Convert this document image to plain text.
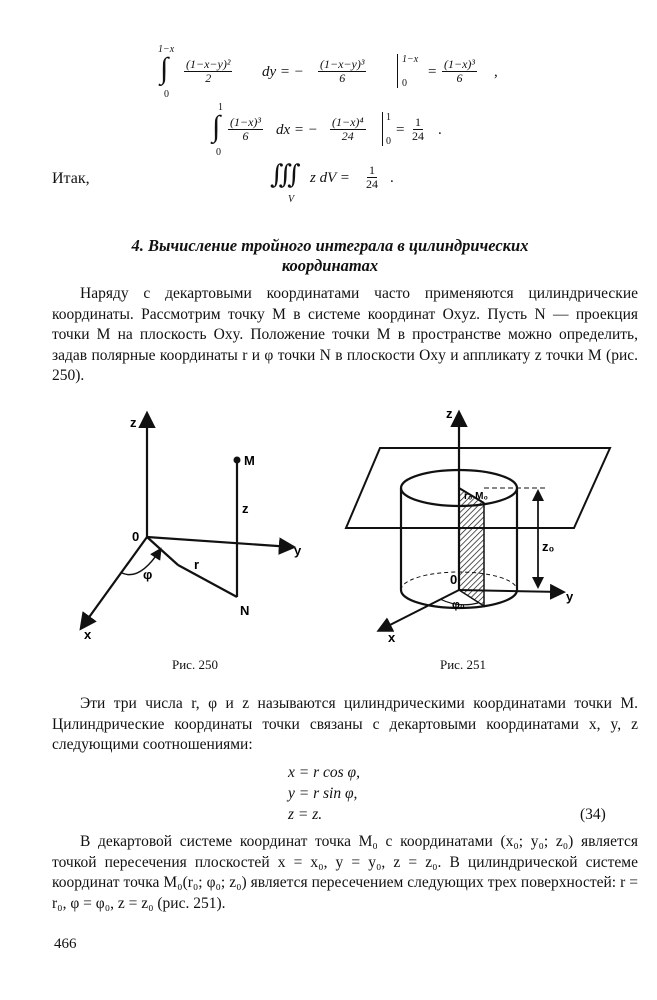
1−x
∫
0
$\frac{\text{(1−x−y)²}}{2}$ dy = − $\frac{\text{(1−x−y)³}}{6}$	1−x
0
= $\frac{\text{(1−x)³}}{6}$ ,
1
∫
0
$\frac{\text{(1−x)³}}{6}$ dx = − $\frac{\text{(1−x)⁴}}{24} 1$
0
= $\frac{1}{24}$ .
Итак,	∭
V
z dV = $\frac{1}{24}$ .
4. Вычисление тройного интеграла в цилиндрических
координатах
Наряду с декартовыми координатами часто применяются цилиндрические координаты. Рассмотрим точку M в системе координат Oxyz. Пусть N — проекция точки M на плоскость Oxy. Положение точки M в пространстве можно определить, задав полярные координаты r и φ точки N в плоскости Oxy и аппликату z точки M (рис. 250).
z
y
x
0
M
N
z
r
φ
Рис. 250
z
y
x
0
r₀ M₀
z₀
φ₀
Рис. 251
Эти три числа r, φ и z называются цилиндрическими координатами точки M. Цилиндрические координаты точки связаны с декартовыми координатами x, y, z следующими соотношениями:
x = r cos φ,
y = r sin φ,
z = z.	(34)
В декартовой системе координат точка M₀ с координатами (x₀; y₀; z₀) является точкой пересечения плоскостей x = x₀, y = y₀, z = z₀. В цилиндрической системе координат точка M₀(r₀; φ₀; z₀) является пересечением следующих трех поверхностей: r = r₀, φ = φ₀, z = z₀ (рис. 251).
466
